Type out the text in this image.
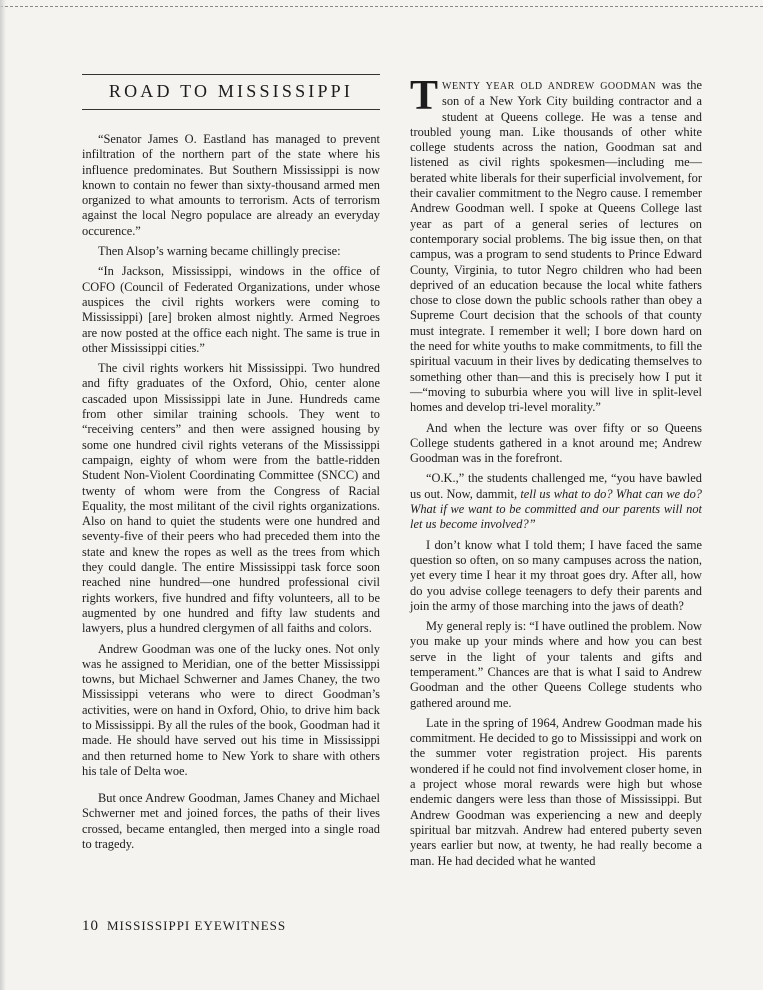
ROAD TO MISSISSIPPI

“Senator James O. Eastland has managed to prevent infiltration of the northern part of the state where his influence predominates. But Southern Mississippi is now known to contain no fewer than sixty-thousand armed men organized to what amounts to terrorism. Acts of terrorism against the local Negro populace are already an everyday occurence.”

Then Alsop’s warning became chillingly precise:

“In Jackson, Mississippi, windows in the office of COFO (Council of Federated Organizations, under whose auspices the civil rights workers were coming to Mississippi) [are] broken almost nightly. Armed Negroes are now posted at the office each night. The same is true in other Mississippi cities.”

The civil rights workers hit Mississippi. Two hundred and fifty graduates of the Oxford, Ohio, center alone cascaded upon Mississippi late in June. Hundreds came from other similar training schools. They went to “receiving centers” and then were assigned housing by some one hundred civil rights veterans of the Mississippi campaign, eighty of whom were from the battle-ridden Student Non-Violent Coordinating Committee (SNCC) and twenty of whom were from the Congress of Racial Equality, the most militant of the civil rights organizations. Also on hand to quiet the students were one hundred and seventy-five of their peers who had preceded them into the state and knew the ropes as well as the trees from which they could dangle. The entire Mississippi task force soon reached nine hundred—one hundred professional civil rights workers, five hundred and fifty volunteers, all to be augmented by one hundred and fifty law students and lawyers, plus a hundred clergymen of all faiths and colors.

Andrew Goodman was one of the lucky ones. Not only was he assigned to Meridian, one of the better Mississippi towns, but Michael Schwerner and James Chaney, the two Mississippi veterans who were to direct Goodman’s activities, were on hand in Oxford, Ohio, to drive him back to Mississippi. By all the rules of the book, Goodman had it made. He should have served out his time in Mississippi and then returned home to New York to share with others his tale of Delta woe.

But once Andrew Goodman, James Chaney and Michael Schwerner met and joined forces, the paths of their lives crossed, became entangled, then merged into a single road to tragedy.

TWENTY YEAR OLD ANDREW GOODMAN was the son of a New York City building contractor and a student at Queens college. He was a tense and troubled young man. Like thousands of other white college students across the nation, Goodman sat and listened as civil rights spokesmen—including me—berated white liberals for their superficial involvement, for their cavalier commitment to the Negro cause. I remember Andrew Goodman well. I spoke at Queens College last year as part of a general series of lectures on contemporary social problems. The big issue then, on that campus, was a program to send students to Prince Edward County, Virginia, to tutor Negro children who had been deprived of an education because the local white fathers chose to close down the public schools rather than obey a Supreme Court decision that the schools of that county must integrate. I remember it well; I bore down hard on the need for white youths to make commitments, to fill the spiritual vacuum in their lives by dedicating themselves to something other than—and this is precisely how I put it—“moving to suburbia where you will live in split-level homes and develop tri-level morality.”

And when the lecture was over fifty or so Queens College students gathered in a knot around me; Andrew Goodman was in the forefront.

“O.K.,” the students challenged me, “you have bawled us out. Now, dammit, tell us what to do? What can we do? What if we want to be committed and our parents will not let us become involved?”

I don’t know what I told them; I have faced the same question so often, on so many campuses across the nation, yet every time I hear it my throat goes dry. After all, how do you advise college teenagers to defy their parents and join the army of those marching into the jaws of death?

My general reply is: “I have outlined the problem. Now you make up your minds where and how you can best serve in the light of your talents and gifts and temperament.” Chances are that is what I said to Andrew Goodman and the other Queens College students who gathered around me.

Late in the spring of 1964, Andrew Goodman made his commitment. He decided to go to Mississippi and work on the summer voter registration project. His parents wondered if he could not find involvement closer home, in a project whose moral rewards were high but whose endemic dangers were less than those of Mississippi. But Andrew Goodman was experiencing a new and deeply spiritual bar mitzvah. Andrew had entered puberty seven years earlier but now, at twenty, he had really become a man. He had decided what he wanted

10 MISSISSIPPI EYEWITNESS
